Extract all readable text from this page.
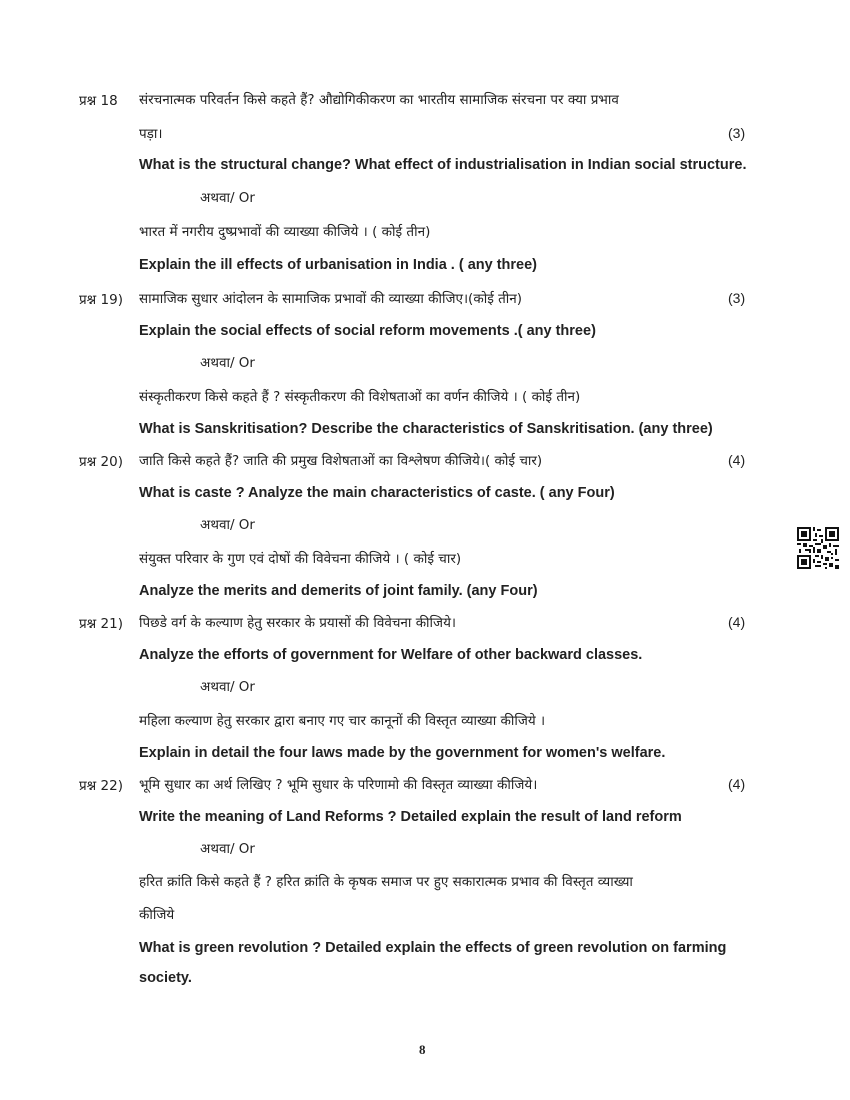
प्रश्न 18 संरचनात्मक परिवर्तन किसे कहते हैं? औद्योगिकीकरण का भारतीय सामाजिक संरचना पर क्या प्रभाव
पड़ा।	(3)
What is the structural change? What effect of industrialisation in Indian social structure.
अथवा/ Or
भारत में नगरीय दुष्प्रभावों की व्याख्या कीजिये । ( कोई तीन)
Explain the ill effects of urbanisation in India . ( any three)
प्रश्न 19) सामाजिक सुधार आंदोलन के सामाजिक प्रभावों की व्याख्या कीजिए।(कोई तीन)	(3)
Explain the social effects of social reform movements .( any three)
अथवा/ Or
संस्कृतीकरण किसे कहते हैं ? संस्कृतीकरण की विशेषताओं का वर्णन कीजिये । ( कोई तीन)
What is Sanskritisation? Describe the characteristics of Sanskritisation. (any three)
प्रश्न 20) जाति किसे कहते हैं? जाति की प्रमुख विशेषताओं का विश्लेषण कीजिये।( कोई चार)	(4)
What is caste ? Analyze the main characteristics of caste. ( any Four)
अथवा/ Or
संयुक्त परिवार के गुण एवं दोषों की विवेचना कीजिये । ( कोई चार)
Analyze the merits and demerits of joint family. (any Four)
प्रश्न 21) पिछडे वर्ग के कल्याण हेतु सरकार के प्रयासों की विवेचना कीजिये।	(4)
Analyze the efforts of government for Welfare of other backward classes.
अथवा/ Or
महिला कल्याण हेतु सरकार द्वारा बनाए गए चार कानूनों की विस्तृत व्याख्या कीजिये ।
Explain in detail the four laws made by the government for women's welfare.
प्रश्न 22) भूमि सुधार का अर्थ लिखिए ? भूमि सुधार के परिणामो की विस्तृत व्याख्या कीजिये।	(4)
Write the meaning of Land Reforms ? Detailed explain the result of land reform
अथवा/ Or
हरित क्रांति किसे कहते हैं ? हरित क्रांति के कृषक समाज पर हुए सकारात्मक प्रभाव की विस्तृत व्याख्या
कीजिये
What is green revolution ? Detailed explain the effects of green revolution on farming
society.
8
